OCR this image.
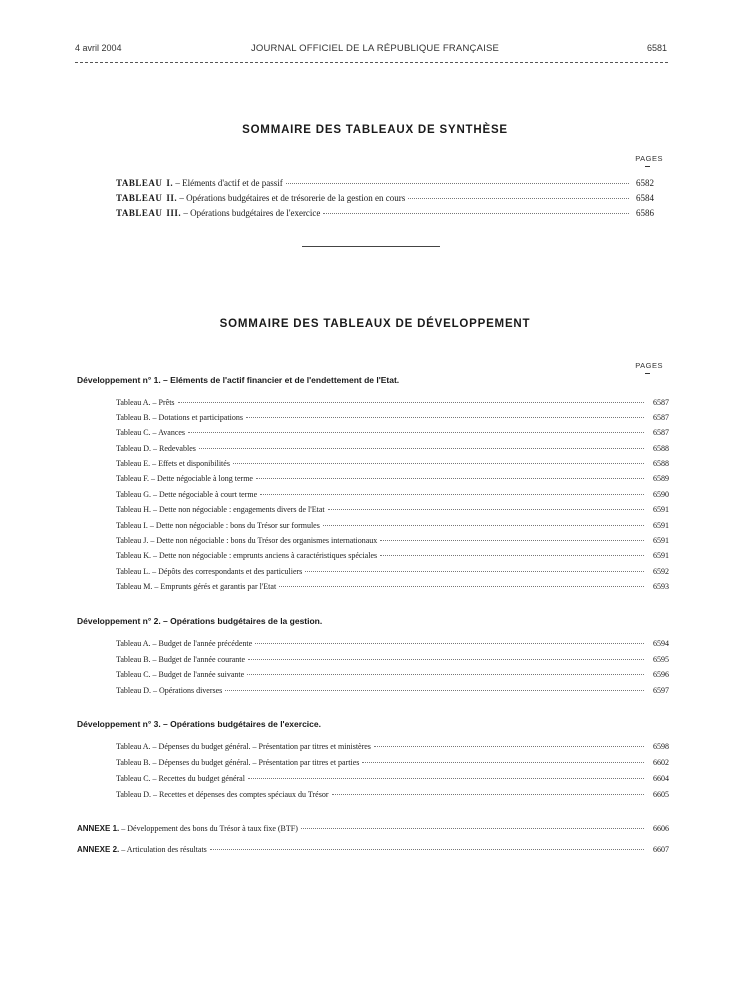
4 avril 2004	JOURNAL OFFICIEL DE LA RÉPUBLIQUE FRANÇAISE	6581
SOMMAIRE DES TABLEAUX DE SYNTHÈSE
PAGES
TABLEAU I. – Eléments d'actif et de passif	6582
TABLEAU II. – Opérations budgétaires et de trésorerie de la gestion en cours	6584
TABLEAU III. – Opérations budgétaires de l'exercice	6586
SOMMAIRE DES TABLEAUX DE DÉVELOPPEMENT
PAGES
Développement n° 1. – Eléments de l'actif financier et de l'endettement de l'Etat.
Tableau A. – Prêts	6587
Tableau B. – Dotations et participations	6587
Tableau C. – Avances	6587
Tableau D. – Redevables	6588
Tableau E. – Effets et disponibilités	6588
Tableau F. – Dette négociable à long terme	6589
Tableau G. – Dette négociable à court terme	6590
Tableau H. – Dette non négociable : engagements divers de l'Etat	6591
Tableau I. – Dette non négociable : bons du Trésor sur formules	6591
Tableau J. – Dette non négociable : bons du Trésor des organismes internationaux	6591
Tableau K. – Dette non négociable : emprunts anciens à caractéristiques spéciales	6591
Tableau L. – Dépôts des correspondants et des particuliers	6592
Tableau M. – Emprunts gérés et garantis par l'Etat	6593
Développement n° 2. – Opérations budgétaires de la gestion.
Tableau A. – Budget de l'année précédente	6594
Tableau B. – Budget de l'année courante	6595
Tableau C. – Budget de l'année suivante	6596
Tableau D. – Opérations diverses	6597
Développement n° 3. – Opérations budgétaires de l'exercice.
Tableau A. – Dépenses du budget général. – Présentation par titres et ministères	6598
Tableau B. – Dépenses du budget général. – Présentation par titres et parties	6602
Tableau C. – Recettes du budget général	6604
Tableau D. – Recettes et dépenses des comptes spéciaux du Trésor	6605
ANNEXE 1. – Développement des bons du Trésor à taux fixe (BTF)	6606
ANNEXE 2. – Articulation des résultats	6607
